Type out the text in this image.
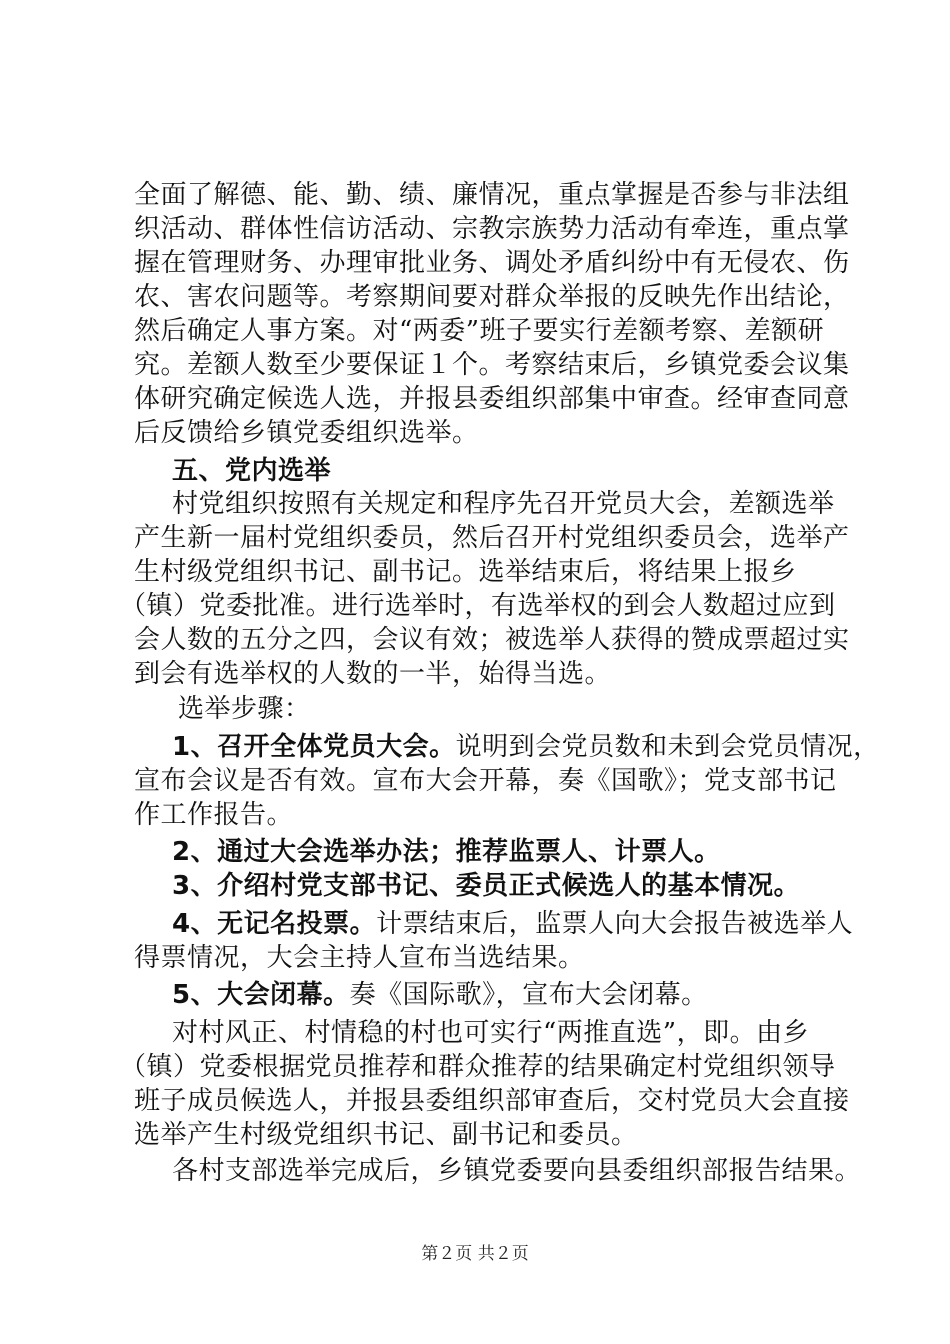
全面了解德、能、勤、绩、廉情况，重点掌握是否参与非法组
织活动、群体性信访活动、宗教宗族势力活动有牵连，重点掌
握在管理财务、办理审批业务、调处矛盾纠纷中有无侵农、伤
农、害农问题等。考察期间要对群众举报的反映先作出结论，
然后确定人事方案。对“两委”班子要实行差额考察、差额研
究。差额人数至少要保证１个。考察结束后，乡镇党委会议集
体研究确定候选人选，并报县委组织部集中审查。经审查同意
后反馈给乡镇党委组织选举。
五、党内选举
村党组织按照有关规定和程序先召开党员大会，差额选举
产生新一届村党组织委员，然后召开村党组织委员会，选举产
生村级党组织书记、副书记。选举结束后，将结果上报乡
（镇）党委批准。进行选举时，有选举权的到会人数超过应到
会人数的五分之四，会议有效；被选举人获得的赞成票超过实
到会有选举权的人数的一半，始得当选。
选举步骤：
1、召开全体党员大会。说明到会党员数和未到会党员情况，
宣布会议是否有效。宣布大会开幕，奏《国歌》；党支部书记
作工作报告。
2、通过大会选举办法；推荐监票人、计票人。
3、介绍村党支部书记、委员正式候选人的基本情况。
4、无记名投票。计票结束后，监票人向大会报告被选举人
得票情况，大会主持人宣布当选结果。
5、大会闭幕。奏《国际歌》，宣布大会闭幕。
对村风正、村情稳的村也可实行“两推直选”，即。由乡
（镇）党委根据党员推荐和群众推荐的结果确定村党组织领导
班子成员候选人，并报县委组织部审查后，交村党员大会直接
选举产生村级党组织书记、副书记和委员。
各村支部选举完成后，乡镇党委要向县委组织部报告结果。
第２页 共２页
